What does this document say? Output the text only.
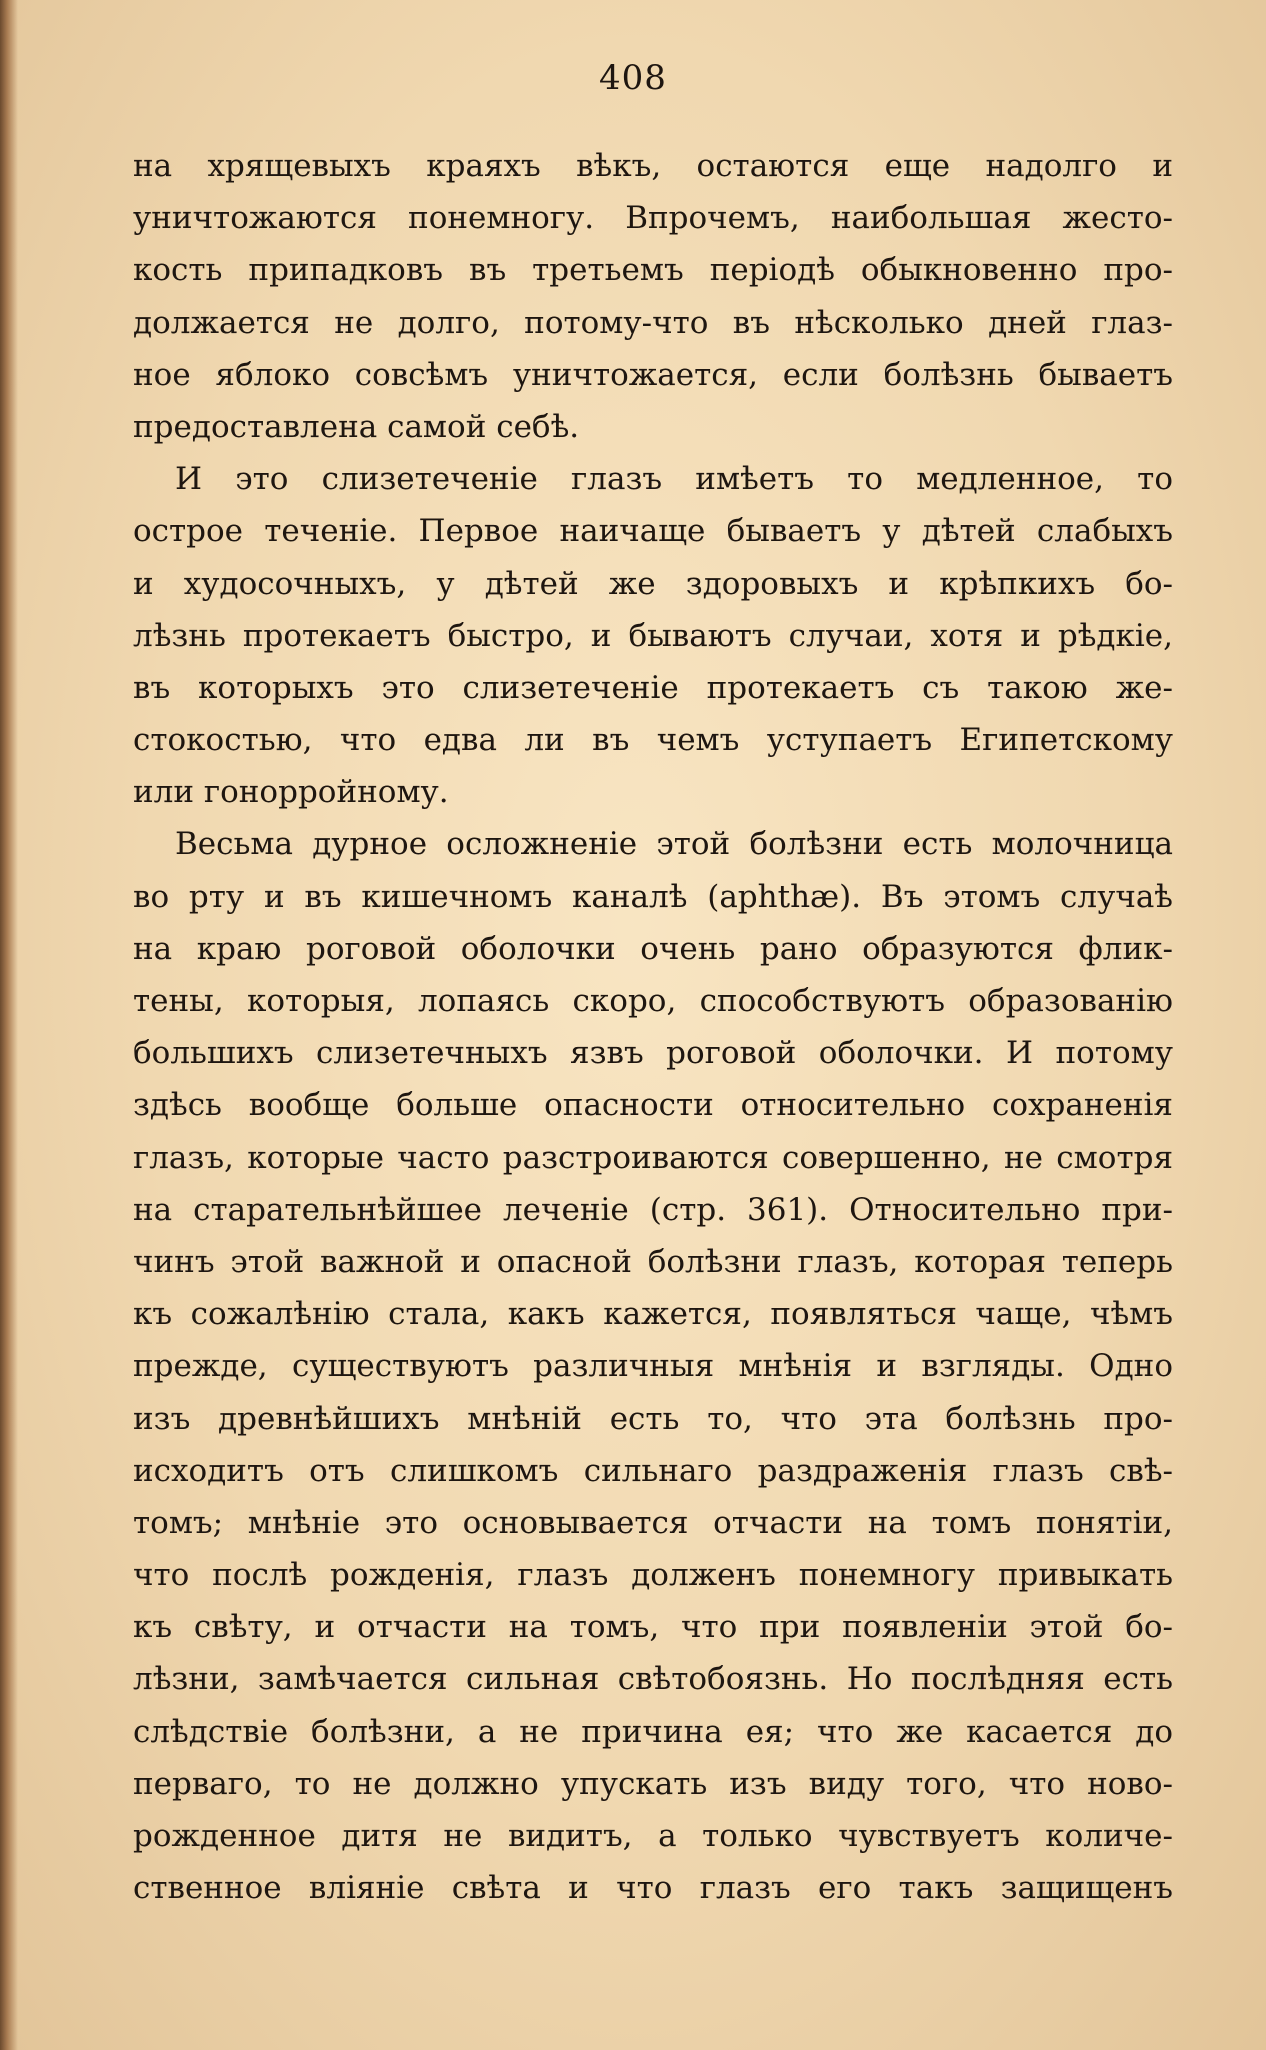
408
на хрящевыхъ краяхъ вѣкъ, остаются еще надолго и
уничтожаются понемногу. Впрочемъ, наибольшая жесто-
кость припадковъ въ третьемъ періодѣ обыкновенно про-
должается не долго, потому-что въ нѣсколько дней глаз-
ное яблоко совсѣмъ уничтожается, если болѣзнь бываетъ
предоставлена самой себѣ.
И это слизетеченіе глазъ имѣетъ то медленное, то
острое теченіе. Первое наичаще бываетъ у дѣтей слабыхъ
и худосочныхъ, у дѣтей же здоровыхъ и крѣпкихъ бо-
лѣзнь протекаетъ быстро, и бываютъ случаи, хотя и рѣдкіе,
въ которыхъ это слизетеченіе протекаетъ съ такою же-
стокостью, что едва ли въ чемъ уступаетъ Египетскому
или гонорройному.
Весьма дурное осложненіе этой болѣзни есть молочница
во рту и въ кишечномъ каналѣ (aphthæ). Въ этомъ случаѣ
на краю роговой оболочки очень рано образуются флик-
тены, которыя, лопаясь скоро, способствуютъ образованію
большихъ слизетечныхъ язвъ роговой оболочки. И потому
здѣсь вообще больше опасности относительно сохраненія
глазъ, которые часто разстроиваются совершенно, не смотря
на старательнѣйшее леченіе (стр. 361). Относительно при-
чинъ этой важной и опасной болѣзни глазъ, которая теперь
къ сожалѣнію стала, какъ кажется, появляться чаще, чѣмъ
прежде, существуютъ различныя мнѣнія и взгляды. Одно
изъ древнѣйшихъ мнѣній есть то, что эта болѣзнь про-
исходитъ отъ слишкомъ сильнаго раздраженія глазъ свѣ-
томъ; мнѣніе это основывается отчасти на томъ понятіи,
что послѣ рожденія, глазъ долженъ понемногу привыкать
къ свѣту, и отчасти на томъ, что при появленіи этой бо-
лѣзни, замѣчается сильная свѣтобоязнь. Но послѣдняя есть
слѣдствіе болѣзни, а не причина ея; что же касается до
перваго, то не должно упускать изъ виду того, что ново-
рожденное дитя не видитъ, а только чувствуетъ количе-
ственное вліяніе свѣта и что глазъ его такъ защищенъ
